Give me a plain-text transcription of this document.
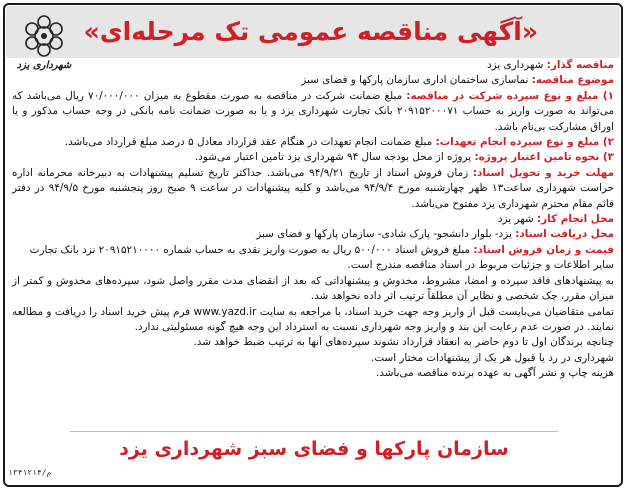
«آگهی مناقصه عمومی تک مرحله‌ای»
شهرداری یزد	مناقصه گذار: شهرداری یزد

موضوع مناقصه: نماسازی ساختمان اداری سازمان پارکها و فضای سبز

۱) مبلغ و نوع سپرده شرکت در مناقصه: مبلغ ضمانت شرکت در مناقصه به صورت مقطوع به میزان ۷۰/۰۰۰/۰۰۰ ریال می‌باشد که می‌تواند به صورت واریز به حساب ۲۰۹۱۵۲۰۰۰۷۱ بانک تجارت شهرداری یزد و یا به صورت ضمانت نامه بانکی در وجه حساب مذکور و یا اوراق مشارکت بی‌نام باشد.

۲) مبلغ و نوع سپرده انجام تعهدات: مبلغ ضمانت انجام تعهدات در هنگام عقد قرارداد معادل ۵ درصد مبلغ قرارداد می‌باشد.

۳) نحوه تامین اعتبار پروژه: پروژه از محل بودجه سال ۹۴ شهرداری یزد تامین اعتبار می‌شود.

مهلت خرید و تحویل اسناد: زمان فروش اسناد از تاریخ ۹۴/۹/۲۱ می‌باشد. حداکثر تاریخ تسلیم پیشنهادات به دبیرخانه محرمانه اداره حراست شهرداری ساعت۱۳ ظهر چهارشنبه مورخ ۹۴/۹/۴ می‌باشد و کلیه پیشنهادات در ساعت ۹ صبح روز پنجشنبه مورخ ۹۴/۹/۵ در دفتر قائم مقام محترم شهرداری یزد مفتوح می‌باشد.

محل انجام کار: شهر یزد

محل دریافت اسناد: یزد- بلوار دانشجو- پارک شادی- سازمان پارکها و فضای سبز

قیمت و زمان فروش اسناد: مبلغ فروش اسناد ۵۰۰/۰۰۰ ریال به صورت واریز نقدی به حساب شماره ۲۰۹۱۵۲۱۰۰۰۰ نزد بانک تجارت

سایر اطلاعات و جزئیات مربوط در اسناد مناقصه مندرج است.

به پیشنهادهای فاقد سپرده و امضا، مشروط، مخدوش و پیشنهاداتی که بعد از انقضای مدت مقرر واصل شود، سپرده‌های مخدوش و کمتر از میزان مقرر، چک شخصی و نظایر آن مطلقاً ترتیب اثر داده نخواهد شد.

تمامی متقاضیان می‌بایست قبل از واریز وجه جهت خرید اسناد، با مراجعه به سایت www.yazd.ir فرم پیش خرید اسناد را دریافت و مطالعه نمایند. در صورت عدم رعایت این بند و واریز وجه شهرداری نسبت به استرداد این وجه هیچ گونه مسئولیتی ندارد.

چنانچه برندگان اول تا دوم حاضر به انعقاد قرارداد نشوند سپرده‌های آنها به ترتیب ضبط خواهد شد.

شهرداری در رد یا قبول هر یک از پیشنهادات مختار است.

هزینه چاپ و نشر آگهی به عهده برنده مناقصه می‌باشد.

سازمان پارکها و فضای سبز شهرداری یزد
۱۳۴۱۲۱۴/م
